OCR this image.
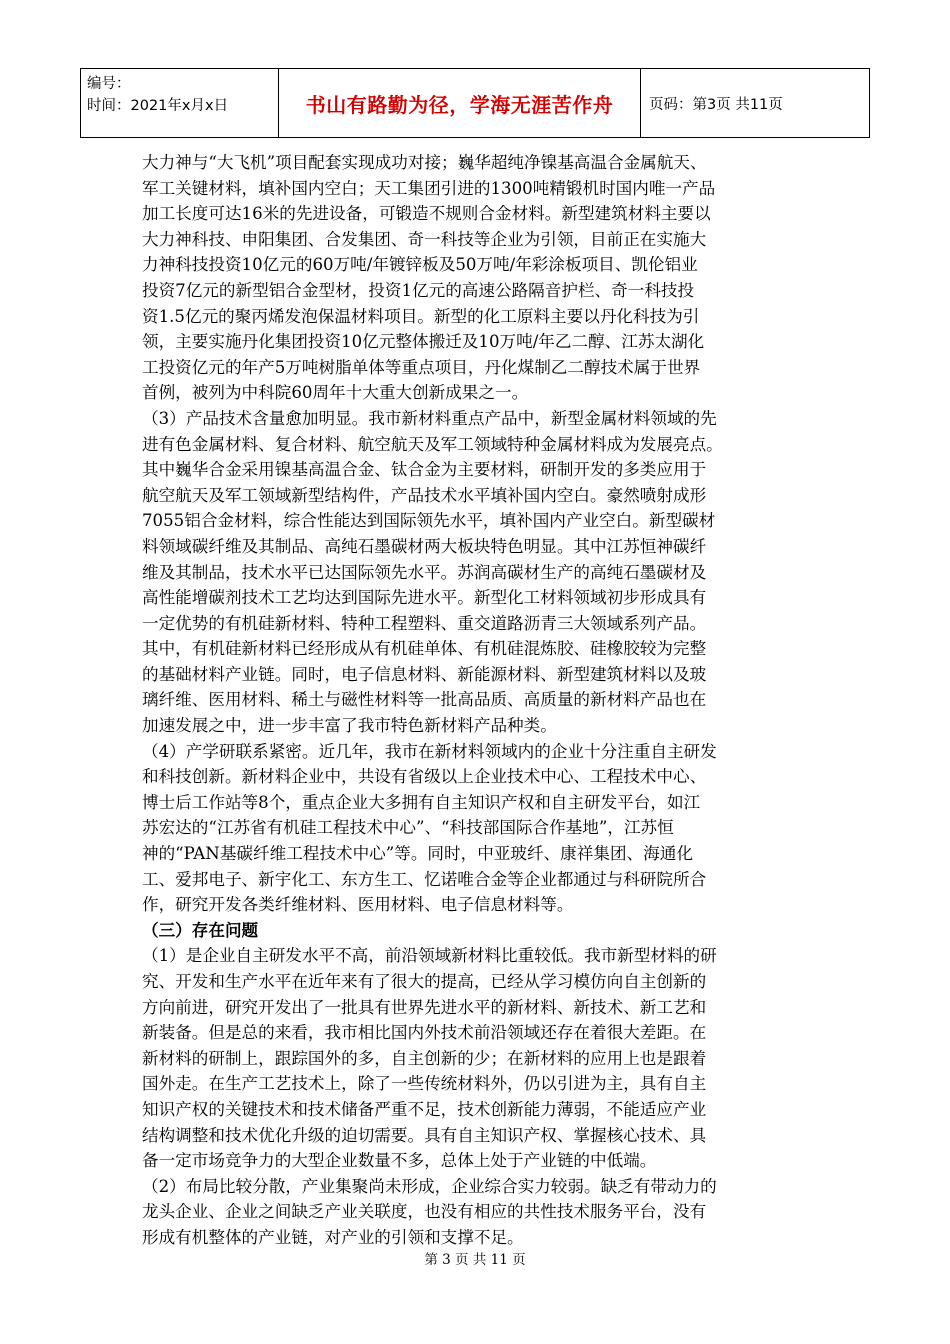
编号：
时间：2021年x月x日	书山有路勤为径，学海无涯苦作舟	页码：第3页 共11页
大力神与“大飞机”项目配套实现成功对接；巍华超纯净镍基高温合金属航天、
军工关键材料，填补国内空白；天工集团引进的1300吨精锻机时国内唯一产品
加工长度可达16米的先进设备，可锻造不规则合金材料。新型建筑材料主要以
大力神科技、申阳集团、合发集团、奇一科技等企业为引领，目前正在实施大
力神科技投资10亿元的60万吨/年镀锌板及50万吨/年彩涂板项目、凯伦铝业
投资7亿元的新型铝合金型材，投资1亿元的高速公路隔音护栏、奇一科技投
资1.5亿元的聚丙烯发泡保温材料项目。新型的化工原料主要以丹化科技为引
领，主要实施丹化集团投资10亿元整体搬迁及10万吨/年乙二醇、江苏太湖化
工投资亿元的年产5万吨树脂单体等重点项目，丹化煤制乙二醇技术属于世界
首例，被列为中科院60周年十大重大创新成果之一。
（3）产品技术含量愈加明显。我市新材料重点产品中，新型金属材料领域的先
进有色金属材料、复合材料、航空航天及军工领域特种金属材料成为发展亮点。
其中巍华合金采用镍基高温合金、钛合金为主要材料，研制开发的多类应用于
航空航天及军工领域新型结构件，产品技术水平填补国内空白。豪然喷射成形
7055铝合金材料，综合性能达到国际领先水平，填补国内产业空白。新型碳材
料领域碳纤维及其制品、高纯石墨碳材两大板块特色明显。其中江苏恒神碳纤
维及其制品，技术水平已达国际领先水平。苏润高碳材生产的高纯石墨碳材及
高性能增碳剂技术工艺均达到国际先进水平。新型化工材料领域初步形成具有
一定优势的有机硅新材料、特种工程塑料、重交道路沥青三大领域系列产品。
其中，有机硅新材料已经形成从有机硅单体、有机硅混炼胶、硅橡胶较为完整
的基础材料产业链。同时，电子信息材料、新能源材料、新型建筑材料以及玻
璃纤维、医用材料、稀土与磁性材料等一批高品质、高质量的新材料产品也在
加速发展之中，进一步丰富了我市特色新材料产品种类。
（4）产学研联系紧密。近几年，我市在新材料领域内的企业十分注重自主研发
和科技创新。新材料企业中，共设有省级以上企业技术中心、工程技术中心、
博士后工作站等8个，重点企业大多拥有自主知识产权和自主研发平台，如江
苏宏达的“江苏省有机硅工程技术中心”、“科技部国际合作基地”，江苏恒
神的“PAN基碳纤维工程技术中心”等。同时，中亚玻纤、康祥集团、海通化
工、爱邦电子、新宇化工、东方生工、忆诺唯合金等企业都通过与科研院所合
作，研究开发各类纤维材料、医用材料、电子信息材料等。
（三）存在问题
（1）是企业自主研发水平不高，前沿领域新材料比重较低。我市新型材料的研
究、开发和生产水平在近年来有了很大的提高，已经从学习模仿向自主创新的
方向前进，研究开发出了一批具有世界先进水平的新材料、新技术、新工艺和
新装备。但是总的来看，我市相比国内外技术前沿领域还存在着很大差距。在
新材料的研制上，跟踪国外的多，自主创新的少；在新材料的应用上也是跟着
国外走。在生产工艺技术上，除了一些传统材料外，仍以引进为主，具有自主
知识产权的关键技术和技术储备严重不足，技术创新能力薄弱，不能适应产业
结构调整和技术优化升级的迫切需要。具有自主知识产权、掌握核心技术、具
备一定市场竞争力的大型企业数量不多，总体上处于产业链的中低端。
（2）布局比较分散，产业集聚尚未形成，企业综合实力较弱。缺乏有带动力的
龙头企业、企业之间缺乏产业关联度，也没有相应的共性技术服务平台，没有
形成有机整体的产业链，对产业的引领和支撑不足。
第 3 页 共 11 页
